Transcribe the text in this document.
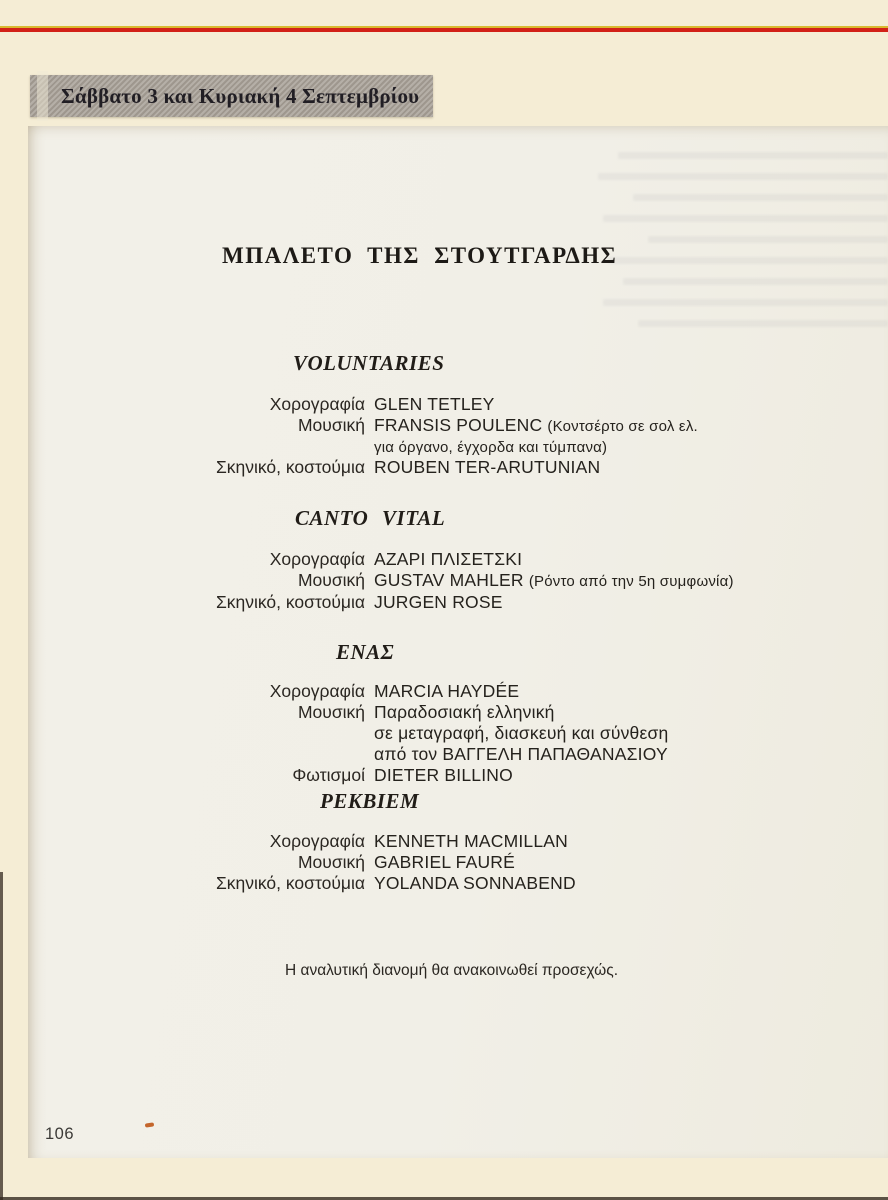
Σάββατο 3 και Κυριακή 4 Σεπτεμβρίου
ΜΠΑΛΕΤΟ ΤΗΣ ΣΤΟΥΤΓΑΡΔΗΣ
VOLUNTARIES
Χορογραφία GLEN TETLEY
Μουσική FRANSIS POULENC (Κοντσέρτο σε σολ ελ.
για όργανο, έγχορδα και τύμπανα)
Σκηνικό, κοστούμια ROUBEN TER-ARUTUNIAN
CANTO VITAL
Χορογραφία ΑΖΑΡΙ ΠΛΙΣΕΤΣΚΙ
Μουσική GUSTAV MAHLER (Ρόντο από την 5η συμφωνία)
Σκηνικό, κοστούμια JURGEN ROSE
ΕΝΑΣ
Χορογραφία MARCIA HAYDÉE
Μουσική Παραδοσιακή ελληνική
σε μεταγραφή, διασκευή και σύνθεση
από τον ΒΑΓΓΕΛΗ ΠΑΠΑΘΑΝΑΣΙΟΥ
Φωτισμοί DIETER BILLINO
ΡΕΚΒΙΕΜ
Χορογραφία KENNETH MACMILLAN
Μουσική GABRIEL FAURÉ
Σκηνικό, κοστούμια YOLANDA SONNABEND
Η αναλυτική διανομή θα ανακοινωθεί προσεχώς.
106
